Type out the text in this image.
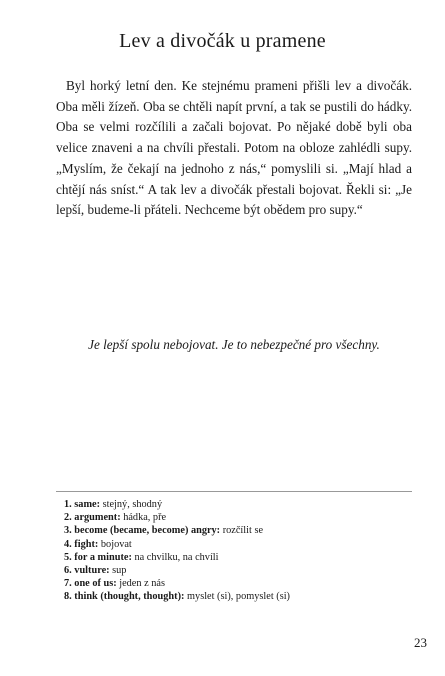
Lev a divočák u pramene

Byl horký letní den. Ke stejnému prameni přišli lev a divočák. Oba měli žízeň. Oba se chtěli napít první, a tak se pustili do hádky. Oba se velmi rozčílili a začali bojovat. Po nějaké době byli oba velice znaveni a na chvíli přestali. Potom na obloze zahlédli supy. „Myslím, že čekají na jednoho z nás,“ pomyslili si. „Mají hlad a chtějí nás sníst.“ A tak lev a divočák přestali bojovat. Řekli si: „Je lepší, budeme-li přáteli. Nechceme být obědem pro supy.“

Je lepší spolu nebojovat. Je to nebezpečné pro všechny.
1. same: stejný, shodný
2. argument: hádka, pře
3. become (became, become) angry: rozčílit se
4. fight: bojovat
5. for a minute: na chvilku, na chvíli
6. vulture: sup
7. one of us: jeden z nás
8. think (thought, thought): myslet (si), pomyslet (si)
23
